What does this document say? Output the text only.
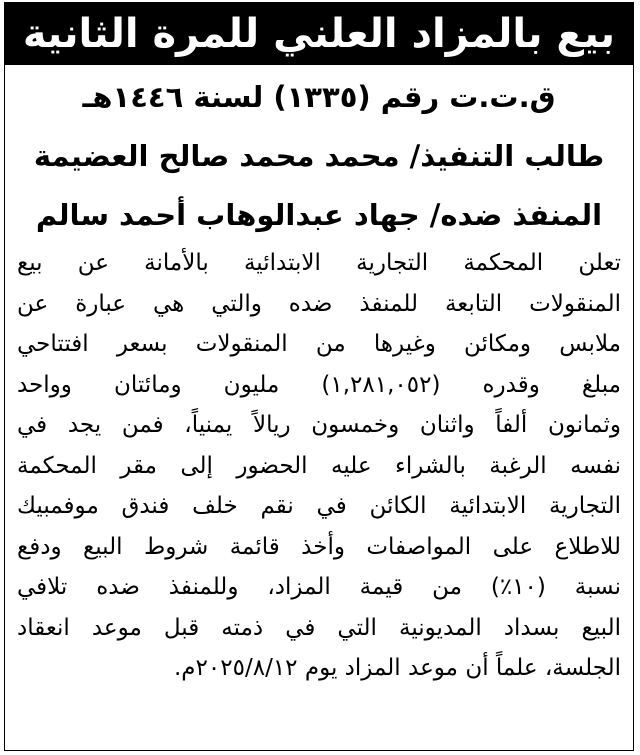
بيع بالمزاد العلني للمرة الثانية
ق.ت.ت رقم (١٣٣٥) لسنة ١٤٤٦هـ
طالب التنفيذ/ محمد محمد صالح العضيمة
المنفذ ضده/ جهاد عبدالوهاب أحمد سالم
تعلن المحكمة التجارية الابتدائية بالأمانة عن بيع
المنقولات التابعة للمنفذ ضده والتي هي عبارة عن
ملابس ومكائن وغيرها من المنقولات بسعر افتتاحي
مبلغ وقدره (١,٢٨١,٠٥٢) مليون ومائتان وواحد
وثمانون ألفاً واثنان وخمسون ريالاً يمنياً، فمن يجد في
نفسه الرغبة بالشراء عليه الحضور إلى مقر المحكمة
التجارية الابتدائية الكائن في نقم خلف فندق موفمبيك
للاطلاع على المواصفات وأخذ قائمة شروط البيع ودفع
نسبة (١٠٪) من قيمة المزاد، وللمنفذ ضده تلافي
البيع بسداد المديونية التي في ذمته قبل موعد انعقاد
الجلسة، علماً أن موعد المزاد يوم ٢٠٢٥/٨/١٢م.
